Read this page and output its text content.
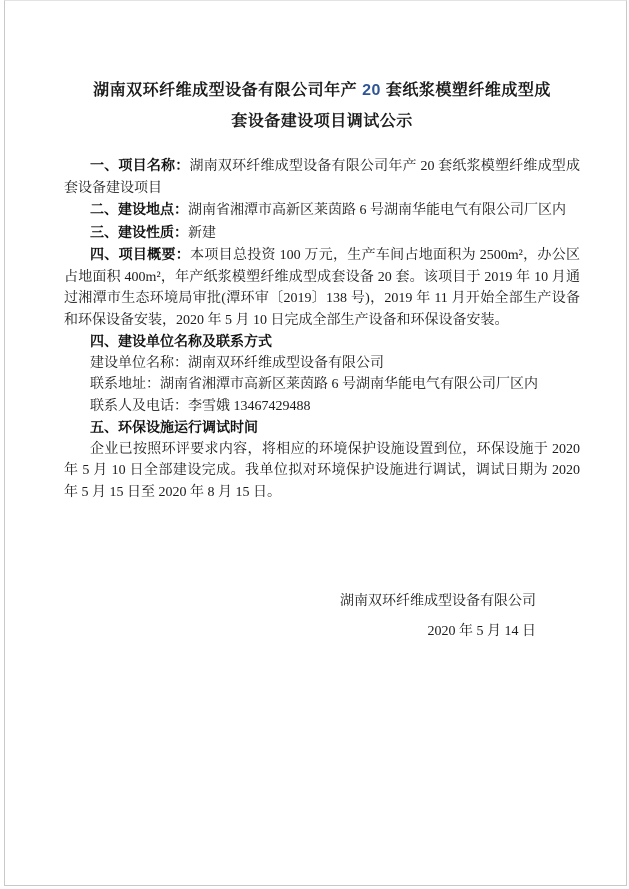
湖南双环纤维成型设备有限公司年产 20 套纸浆模塑纤维成型成
套设备建设项目调试公示

一、项目名称：湖南双环纤维成型设备有限公司年产 20 套纸浆模塑纤维成型成套设备建设项目

二、建设地点：湖南省湘潭市高新区莱茵路 6 号湖南华能电气有限公司厂区内

三、建设性质：新建

四、项目概要：本项目总投资 100 万元，生产车间占地面积为 2500m²，办公区占地面积 400m²，年产纸浆模塑纤维成型成套设备 20 套。该项目于 2019 年 10 月通过湘潭市生态环境局审批(潭环审〔2019〕138 号)，2019 年 11 月开始全部生产设备和环保设备安装，2020 年 5 月 10 日完成全部生产设备和环保设备安装。

四、建设单位名称及联系方式

建设单位名称：湖南双环纤维成型设备有限公司

联系地址：湖南省湘潭市高新区莱茵路 6 号湖南华能电气有限公司厂区内

联系人及电话：李雪娥 13467429488

五、环保设施运行调试时间

企业已按照环评要求内容，将相应的环境保护设施设置到位，环保设施于 2020 年 5 月 10 日全部建设完成。我单位拟对环境保护设施进行调试，调试日期为 2020 年 5 月 15 日至 2020 年 8 月 15 日。

湖南双环纤维成型设备有限公司
2020 年 5 月 14 日
